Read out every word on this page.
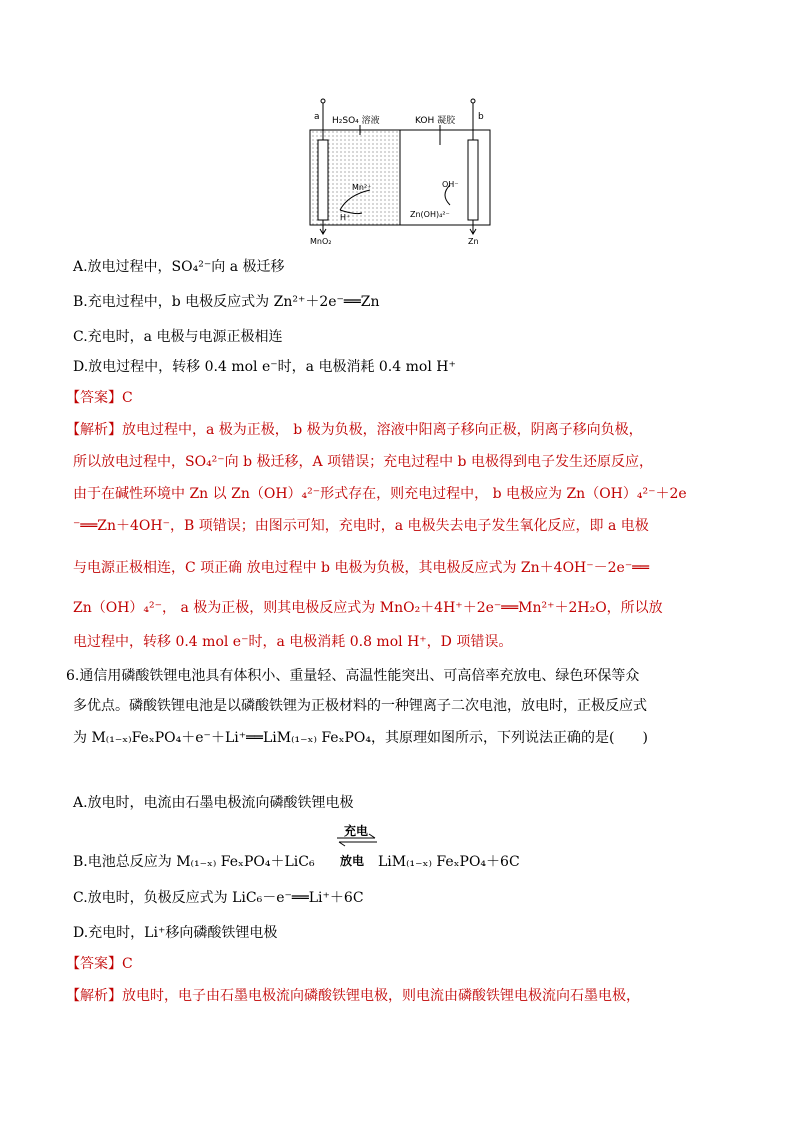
a	b
H₂SO₄ 溶液	KOH 凝胶
Mn²⁺
H⁺
OH⁻
Zn(OH)₄²⁻
MnO₂	Zn
A.放电过程中，SO₄²⁻向 a 极迁移
B.充电过程中，b 电极反应式为 Zn²⁺＋2e⁻══Zn
C.充电时，a 电极与电源正极相连
D.放电过程中，转移 0.4 mol e⁻时，a 电极消耗 0.4 mol H⁺
【答案】C
【解析】放电过程中，a 极为正极， b 极为负极，溶液中阳离子移向正极，阴离子移向负极，
所以放电过程中，SO₄²⁻向 b 极迁移，A 项错误；充电过程中 b 电极得到电子发生还原反应，
由于在碱性环境中 Zn 以 Zn（OH）₄²⁻形式存在，则充电过程中， b 电极应为 Zn（OH）₄²⁻＋2e
⁻══Zn＋4OH⁻，B 项错误；由图示可知，充电时，a 电极失去电子发生氧化反应，即 a 电极
与电源正极相连，C 项正确 放电过程中 b 电极为负极，其电极反应式为 Zn＋4OH⁻－2e⁻══
Zn（OH）₄²⁻， a 极为正极，则其电极反应式为 MnO₂＋4H⁺＋2e⁻══Mn²⁺＋2H₂O，所以放
电过程中，转移 0.4 mol e⁻时，a 电极消耗 0.8 mol H⁺，D 项错误。
6.通信用磷酸铁锂电池具有体积小、重量轻、高温性能突出、可高倍率充放电、绿色环保等众
多优点。磷酸铁锂电池是以磷酸铁锂为正极材料的一种锂离子二次电池，放电时，正极反应式
为 M₍₁₋ₓ₎FeₓPO₄＋e⁻＋Li⁺══LiM₍₁₋ₓ₎ FeₓPO₄，其原理如图所示，下列说法正确的是(　　)
A.放电时，电流由石墨电极流向磷酸铁锂电极
充电
放电
B.电池总反应为 M₍₁₋ₓ₎ FeₓPO₄＋LiC₆	LiM₍₁₋ₓ₎ FeₓPO₄＋6C
C.放电时，负极反应式为 LiC₆－e⁻══Li⁺＋6C
D.充电时，Li⁺移向磷酸铁锂电极
【答案】C
【解析】放电时，电子由石墨电极流向磷酸铁锂电极，则电流由磷酸铁锂电极流向石墨电极，
